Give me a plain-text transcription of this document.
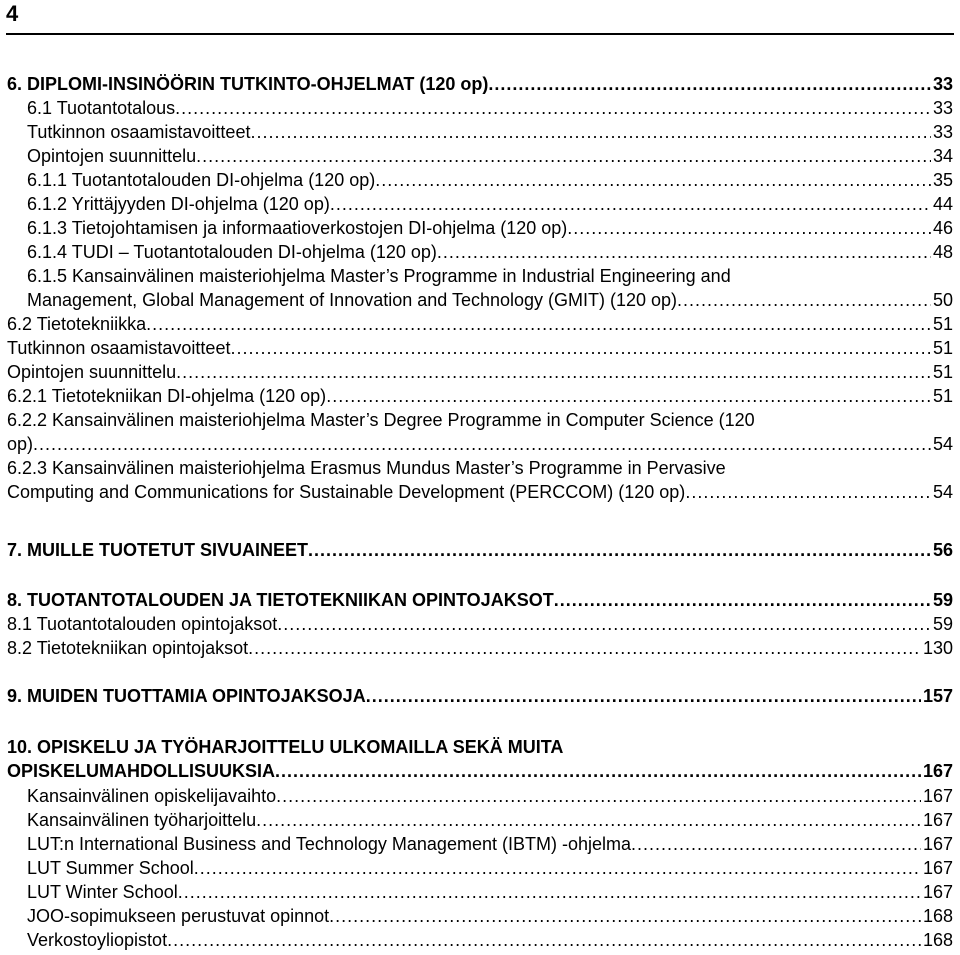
4
6. DIPLOMI-INSINÖÖRIN TUTKINTO-OHJELMAT (120 op) .....	33
6.1 Tuotantotalous .....	33
Tutkinnon osaamistavoitteet .....	33
Opintojen suunnittelu .....	34
6.1.1 Tuotantotalouden DI-ohjelma (120 op) .....	35
6.1.2 Yrittäjyyden DI-ohjelma (120 op) .....	44
6.1.3 Tietojohtamisen ja informaatioverkostojen DI-ohjelma (120 op) .....	46
6.1.4 TUDI – Tuotantotalouden DI-ohjelma (120 op) .....	48
6.1.5 Kansainvälinen maisteriohjelma Master’s Programme in Industrial Engineering and
Management, Global Management of Innovation and Technology (GMIT) (120 op) .....	50
6.2 Tietotekniikka .....	51
Tutkinnon osaamistavoitteet .....	51
Opintojen suunnittelu .....	51
6.2.1 Tietotekniikan DI-ohjelma (120 op) .....	51
6.2.2 Kansainvälinen maisteriohjelma Master’s Degree Programme in Computer Science (120
op) .....	54
6.2.3 Kansainvälinen maisteriohjelma Erasmus Mundus Master’s Programme in Pervasive
Computing and Communications for Sustainable Development (PERCCOM) (120 op) .....	54
7. MUILLE TUOTETUT SIVUAINEET .....	56
8. TUOTANTOTALOUDEN JA TIETOTEKNIIKAN OPINTOJAKSOT .....	59
8.1 Tuotantotalouden opintojaksot .....	59
8.2 Tietotekniikan opintojaksot .....	130
9. MUIDEN TUOTTAMIA OPINTOJAKSOJA .....	157
10. OPISKELU JA TYÖHARJOITTELU ULKOMAILLA SEKÄ MUITA
OPISKELUMAHDOLLISUUKSIA .....	167
Kansainvälinen opiskelijavaihto .....	167
Kansainvälinen työharjoittelu .....	167
LUT:n International Business and Technology Management (IBTM) -ohjelma .....	167
LUT Summer School .....	167
LUT Winter School .....	167
JOO-sopimukseen perustuvat opinnot .....	168
Verkostoyliopistot .....	168
